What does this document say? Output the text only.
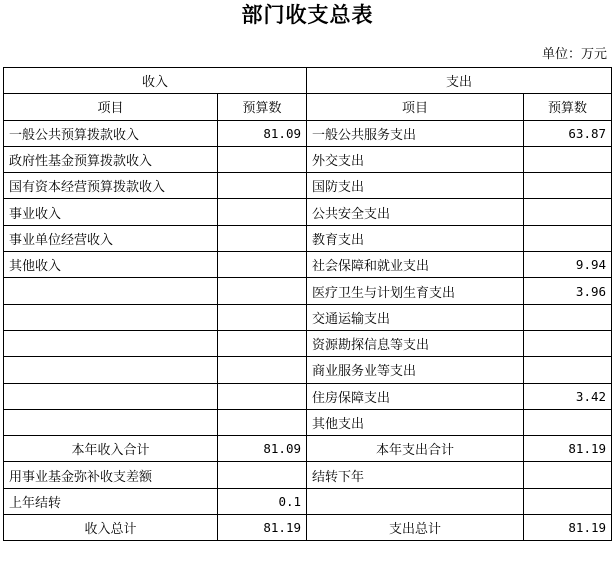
部门收支总表
单位：万元
收入		支出	
项目	预算数	项目	预算数
一般公共预算拨款收入	81.09	一般公共服务支出	63.87
政府性基金预算拨款收入		外交支出	
国有资本经营预算拨款收入		国防支出	
事业收入		公共安全支出	
事业单位经营收入		教育支出	
其他收入		社会保障和就业支出	9.94
		医疗卫生与计划生育支出	3.96
		交通运输支出	
		资源勘探信息等支出	
		商业服务业等支出	
		住房保障支出	3.42
		其他支出	
本年收入合计	81.09	本年支出合计	81.19
用事业基金弥补收支差额		结转下年	
上年结转	0.1		
收入总计	81.19	支出总计	81.19
